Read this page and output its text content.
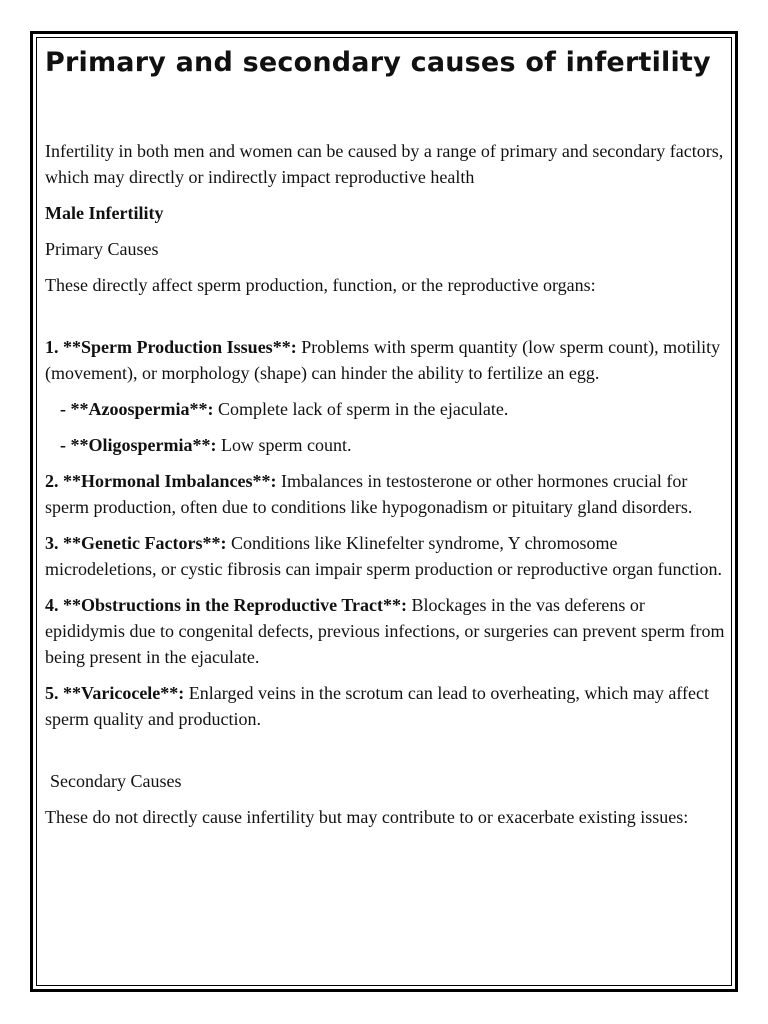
Primary and secondary causes of infertility

Infertility in both men and women can be caused by a range of primary and secondary factors, which may directly or indirectly impact reproductive health

Male Infertility

Primary Causes

These directly affect sperm production, function, or the reproductive organs:

1. **Sperm Production Issues**: Problems with sperm quantity (low sperm count), motility (movement), or morphology (shape) can hinder the ability to fertilize an egg.

- **Azoospermia**: Complete lack of sperm in the ejaculate.

- **Oligospermia**: Low sperm count.

2. **Hormonal Imbalances**: Imbalances in testosterone or other hormones crucial for sperm production, often due to conditions like hypogonadism or pituitary gland disorders.

3. **Genetic Factors**: Conditions like Klinefelter syndrome, Y chromosome microdeletions, or cystic fibrosis can impair sperm production or reproductive organ function.

4. **Obstructions in the Reproductive Tract**: Blockages in the vas deferens or epididymis due to congenital defects, previous infections, or surgeries can prevent sperm from being present in the ejaculate.

5. **Varicocele**: Enlarged veins in the scrotum can lead to overheating, which may affect sperm quality and production.

Secondary Causes

These do not directly cause infertility but may contribute to or exacerbate existing issues:
